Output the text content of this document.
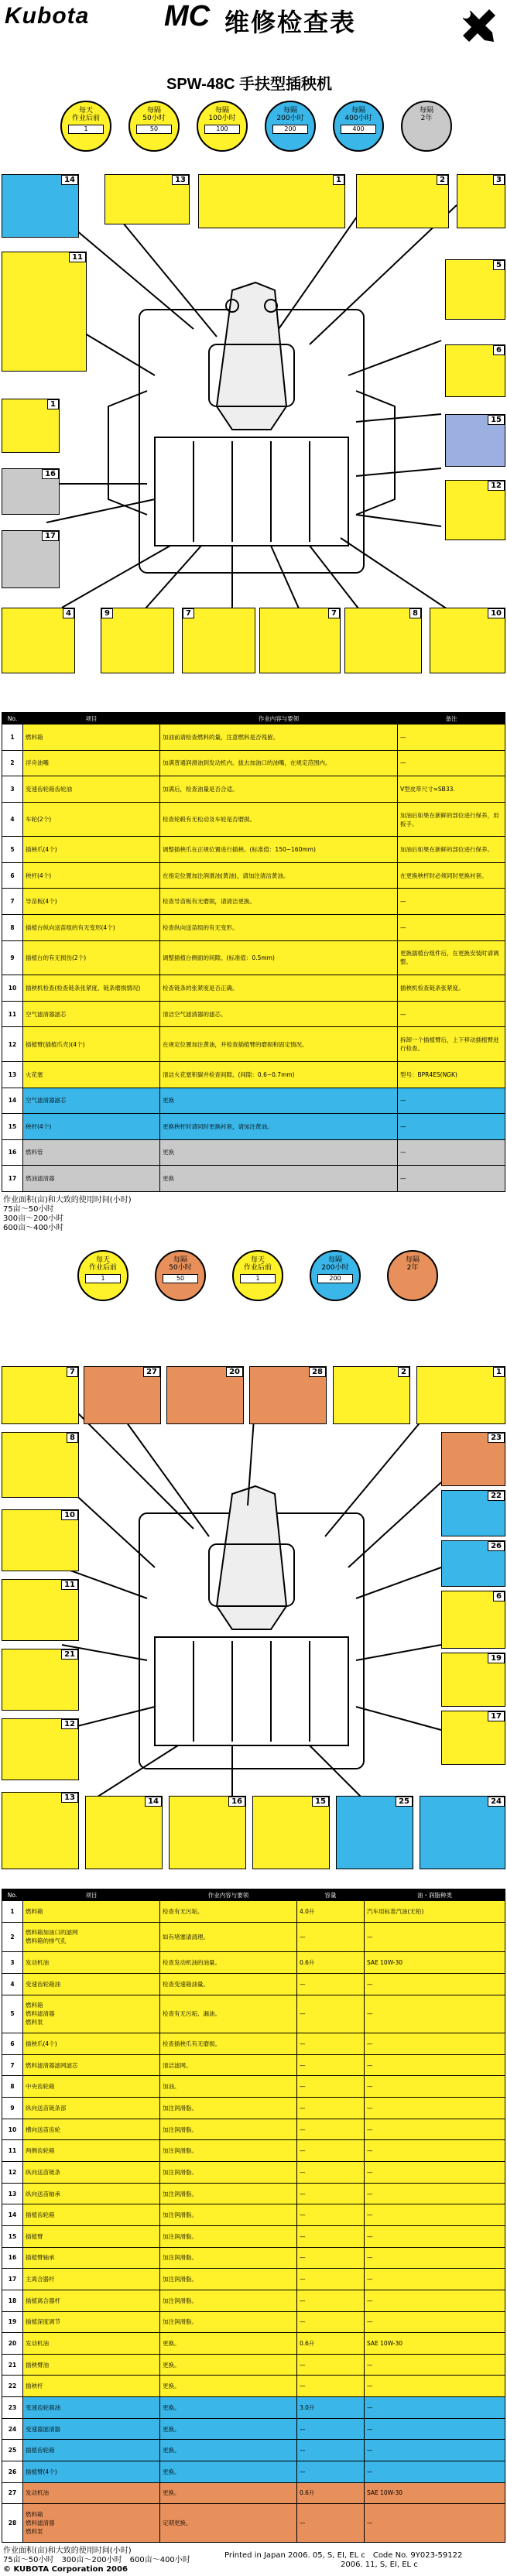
Kubota	MC 维修检查表
SPW-48C 手扶型插秧机
每天
作业后前
1
每隔
50小时
50
每隔
100小时
100
每隔
200小时
200
每隔
400小时
400
每隔
2年
14	13	1	2	3
11
5
6
1
15
16
12
17
4	9	7	7	8	10
No.	项目	作业内容与要领	备注
1	燃料箱	加油前请检查燃料的量，注意燃料是否残留。	—
2	浮舟油嘴	加满普通润滑油到发动机内。拔去加油口的油嘴，在规定范围内。	—
3	变速齿轮箱齿轮油	加满后，检查油量是否合适。	V型皮带尺寸≈SB33.
4	车轮(2个)	检查轮毂有无松动及车轮是否磨损。	加油后如果在新鲜的部位进行保养，用扳手。
5	插秧爪(4个)	调整插秧爪在正规位置进行插秧。(标准值：150~160mm)	加油后如果在新鲜的部位进行保养。
6	秧杆(4个)	在指定位置加注润滑油(黄油)，请加注清洁黄油。	在更换秧杆时必须同时更换衬套。
7	导苗板(4个)	检查导苗板有无磨损，请清洁更换。	—
8	插植台纵向送苗组的有无变形(4个)	检查纵向送苗组的有无变形。	—
9	插植台的有无损伤(2个)	调整插植台侧面的间隙。(标准值：0.5mm)	更换插植台组件后，在更换安装时请调整。
10	插秧机检查(检查链条张紧度、链条磨损情况)	检查链条的张紧度是否正确。	插秧机检查链条张紧度。
11	空气滤清器滤芯	清洁空气滤清器的滤芯。	—
12	插植臂(插植爪壳)(4个)	在规定位置加注黄油，并检查插植臂的磨损和固定情况。	拆卸一个插植臂后，上下移动插植臂进行检查。
13	火花塞	清洁火花塞积碳并检查间隙。(间隙：0.6~0.7mm)	型号：BPR4ES(NGK)
14	空气滤清器滤芯	更换	—
15	秧杆(4个)	更换秧杆时请同时更换衬套，请加注黄油。	—
16	燃料管	更换	—
17	燃油滤清器	更换	—
作业面积(亩)和大致的使用时间(小时)
75亩～50小时
300亩～200小时
600亩～400小时
每天
作业后前
1
每隔
50小时
50
每天
作业后前
1
每隔
200小时
200
每隔
2年
7	27	20	28	2	1
8	23
22
10
26
11
6
21	19
12
17
13	14	16	15	25	24
No.	项目	作业内容与要领	容量	油・润脂种类
1	燃料箱	检查有无污垢。	4.0升	汽车用标准汽油(无铅)
2	燃料箱加油口的滤网
燃料箱的排气孔	如有堵塞请清理。	—	—
3	发动机油	检查发动机油的油量。	0.6升	SAE 10W-30
4	变速齿轮箱油	检查变速箱油量。	—	—
5	燃料箱
燃料滤清器
燃料泵	检查有无污垢、漏油。	—	—
6	插秧爪(4个)	检查插秧爪有无磨损。	—	—
7	燃料滤清器滤网滤芯	清洁滤网。	—	—
8	中央齿轮箱	加油。	—	—
9	纵向送苗链条部	加注润滑脂。	—	—
10	横向送苗齿轮	加注润滑脂。	—	—
11	两侧齿轮箱	加注润滑脂。	—	—
12	纵向送苗链条	加注润滑脂。	—	—
13	纵向送苗轴承	加注润滑脂。	—	—
14	插植齿轮箱	加注润滑脂。	—	—
15	插植臂	加注润滑脂。	—	—
16	插植臂轴承	加注润滑脂。	—	—
17	主离合器杆	加注润滑脂。	—	—
18	插植离合器杆	加注润滑脂。	—	—
19	插植深度调节	加注润滑脂。	—	—
20	发动机油	更换。	0.6升	SAE 10W-30
21	插秧臂油	更换。	—	—
22	插秧杆	更换。	—	—
23	变速齿轮箱油	更换。	3.0升	—
24	变速器滤清器	更换。	—	—
25	插植齿轮箱	更换。	—	—
26	插植臂(4个)	更换。	—	—
27	发动机油	更换。	0.6升	SAE 10W-30
28	燃料箱
燃料滤清器
燃料泵	定期更换。	—	—
作业面积(亩)和大致的使用时间(小时)
75亩～50小时　300亩～200小时　600亩～400小时
© KUBOTA Corporation 2006
Printed in Japan 2006. 05, S, EI, EL c　Code No. 9Y023-59122
2006. 11, S, EI, EL c
